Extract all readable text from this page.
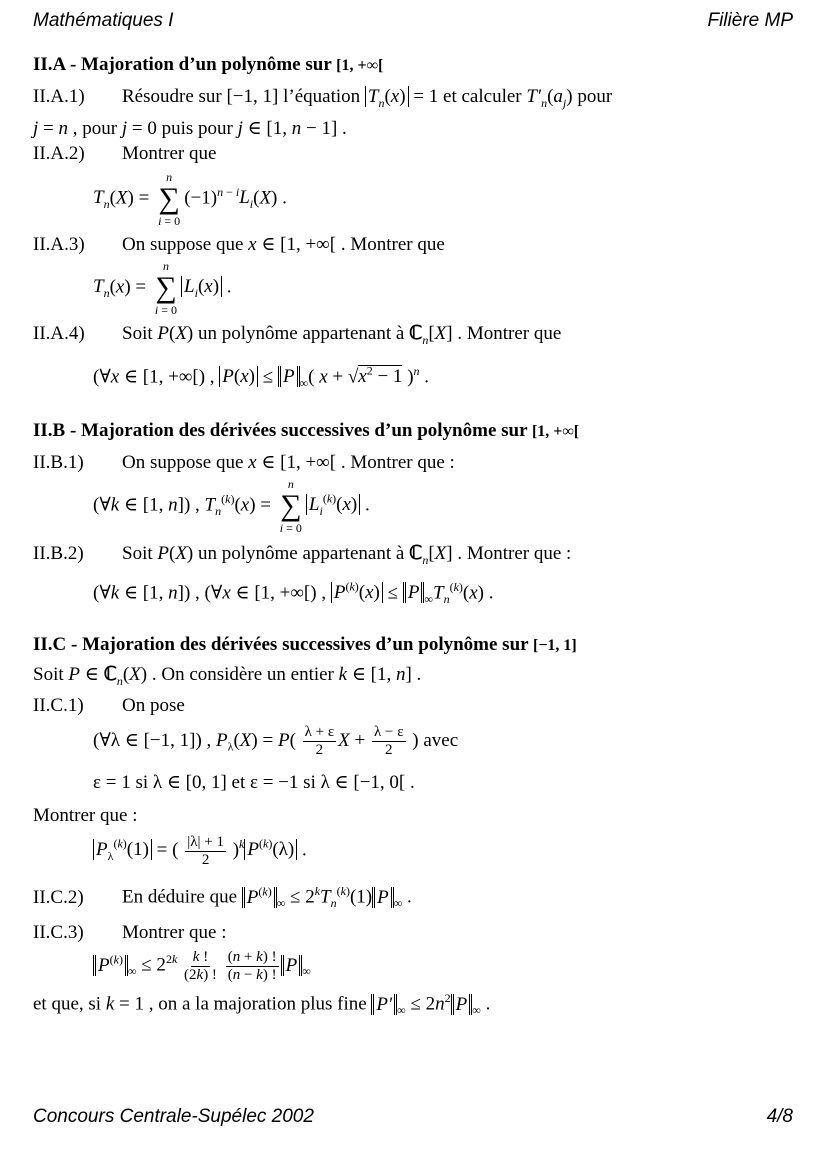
Mathématiques I	Filière MP

II.A - Majoration d’un polynôme sur [1, +∞[

II.A.1) Résoudre sur [−1, 1] l’équation $T_n(x) = 1$ et calculer $T'_n(a_j)$ pour
j = n , pour j = 0 puis pour j ∈ [1, n − 1] .

II.A.2) Montrer que

$T_n(X)$ =
n
∑
i = 0
$(-1)^{n - i}L_i(X)$ .

II.A.3) On suppose que x ∈ [1, +∞[ . Montrer que

$T_n(x)$ =
n
∑
i = 0
$L_i(x)$ .

II.A.4) Soit P(X) un polynôme appartenant à ℂ$_n$[X] . Montrer que

(∀x ∈ [1, +∞[) , P(x) ≤ P $_\infty$( $x + √x^2 - 1$ )$^n$ .

II.B - Majoration des dérivées successives d’un polynôme sur [1, +∞[

II.B.1) On suppose que x ∈ [1, +∞[ . Montrer que :

(∀k ∈ [1, n]) , $T_n^{(k)}(x)$ =
n
∑
i = 0
$L_i^{(k)}(x)$ .

II.B.2) Soit P(X) un polynôme appartenant à ℂ$_n$[X] . Montrer que :

(∀k ∈ [1, n]) , (∀x ∈ [1, +∞[) , $P^{(k)}(x) \le P$ $_\infty T_n^{(k)}(x)$ .

II.C - Majoration des dérivées successives d’un polynôme sur [−1, 1]

Soit P ∈ ℂ$_n$(X) . On considère un entier k ∈ [1, n] .

II.C.1) On pose

(∀λ ∈ [−1, 1]) , $P_\lambda(X) = P( \frac{\lambda + \varepsilon}{2}$ $X + \frac{\lambda - \varepsilon}{2}$ ) avec

ε = 1 si λ ∈ [0, 1] et ε = −1 si λ ∈ [−1, 0[ .

Montrer que :

$P_\lambda^{(k)}(1)$ = ( $\frac{|\lambda| + 1}{2} )^k$ $P^{(k)}(\lambda)$ .

II.C.2) En déduire que $P^{(k)}_\infty \le 2^kT_n^{(k)}(1)$ P $_\infty$ .

II.C.3) Montrer que :

$P^{(k)}_\infty \le 2^{2k} \frac{k !}{(2k) !}$
$\frac{(n + k) !}{(n - k) !}$ P $_\infty$

et que, si k = 1 , on a la majoration plus fine P′ $_\infty \le 2n^2$ P $_\infty$ .

Concours Centrale-Supélec 2002	4/8
